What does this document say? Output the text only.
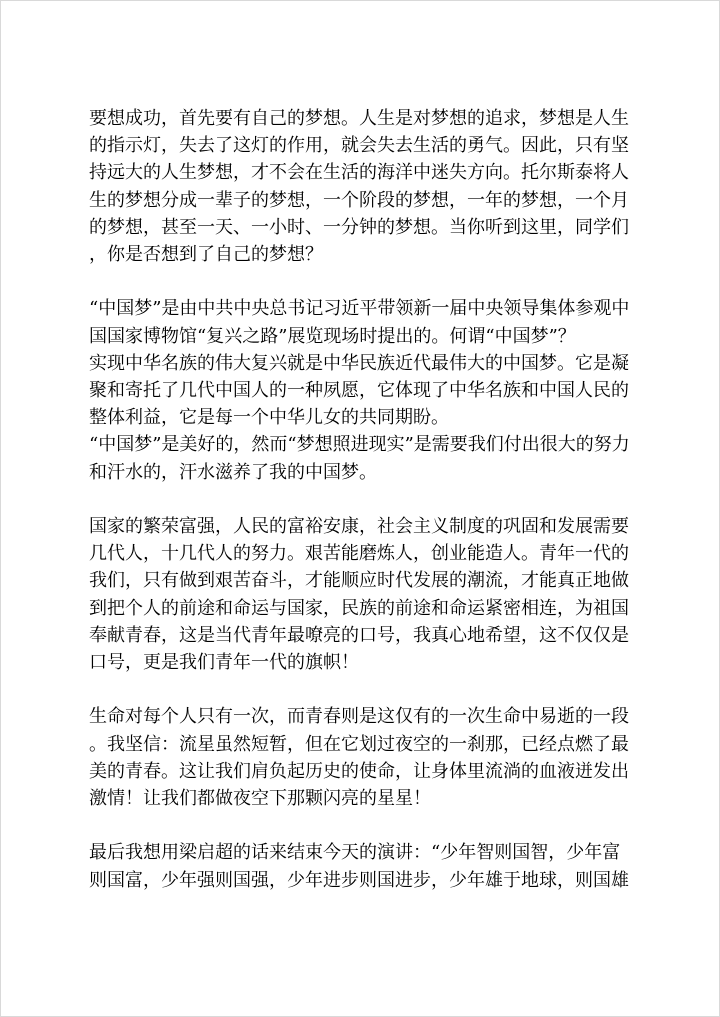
要想成功，首先要有自己的梦想。人生是对梦想的追求，梦想是人生
的指示灯，失去了这灯的作用，就会失去生活的勇气。因此，只有坚
持远大的人生梦想，才不会在生活的海洋中迷失方向。托尔斯泰将人
生的梦想分成一辈子的梦想，一个阶段的梦想，一年的梦想，一个月
的梦想，甚至一天、一小时、一分钟的梦想。当你听到这里，同学们
，你是否想到了自己的梦想？

“中国梦”是由中共中央总书记习近平带领新一届中央领导集体参观中
国国家博物馆“复兴之路”展览现场时提出的。何谓“中国梦”？
实现中华名族的伟大复兴就是中华民族近代最伟大的中国梦。它是凝
聚和寄托了几代中国人的一种夙愿，它体现了中华名族和中国人民的
整体利益，它是每一个中华儿女的共同期盼。
“中国梦”是美好的，然而“梦想照进现实”是需要我们付出很大的努力
和汗水的，汗水滋养了我的中国梦。

国家的繁荣富强，人民的富裕安康，社会主义制度的巩固和发展需要
几代人，十几代人的努力。艰苦能磨炼人，创业能造人。青年一代的
我们，只有做到艰苦奋斗，才能顺应时代发展的潮流，才能真正地做
到把个人的前途和命运与国家，民族的前途和命运紧密相连，为祖国
奉献青春，这是当代青年最嘹亮的口号，我真心地希望，这不仅仅是
口号，更是我们青年一代的旗帜！

生命对每个人只有一次，而青春则是这仅有的一次生命中易逝的一段
。我坚信：流星虽然短暂，但在它划过夜空的一刹那，已经点燃了最
美的青春。这让我们肩负起历史的使命，让身体里流淌的血液迸发出
激情！让我们都做夜空下那颗闪亮的星星！

最后我想用梁启超的话来结束今天的演讲：“少年智则国智，少年富
则国富，少年强则国强，少年进步则国进步，少年雄于地球，则国雄
